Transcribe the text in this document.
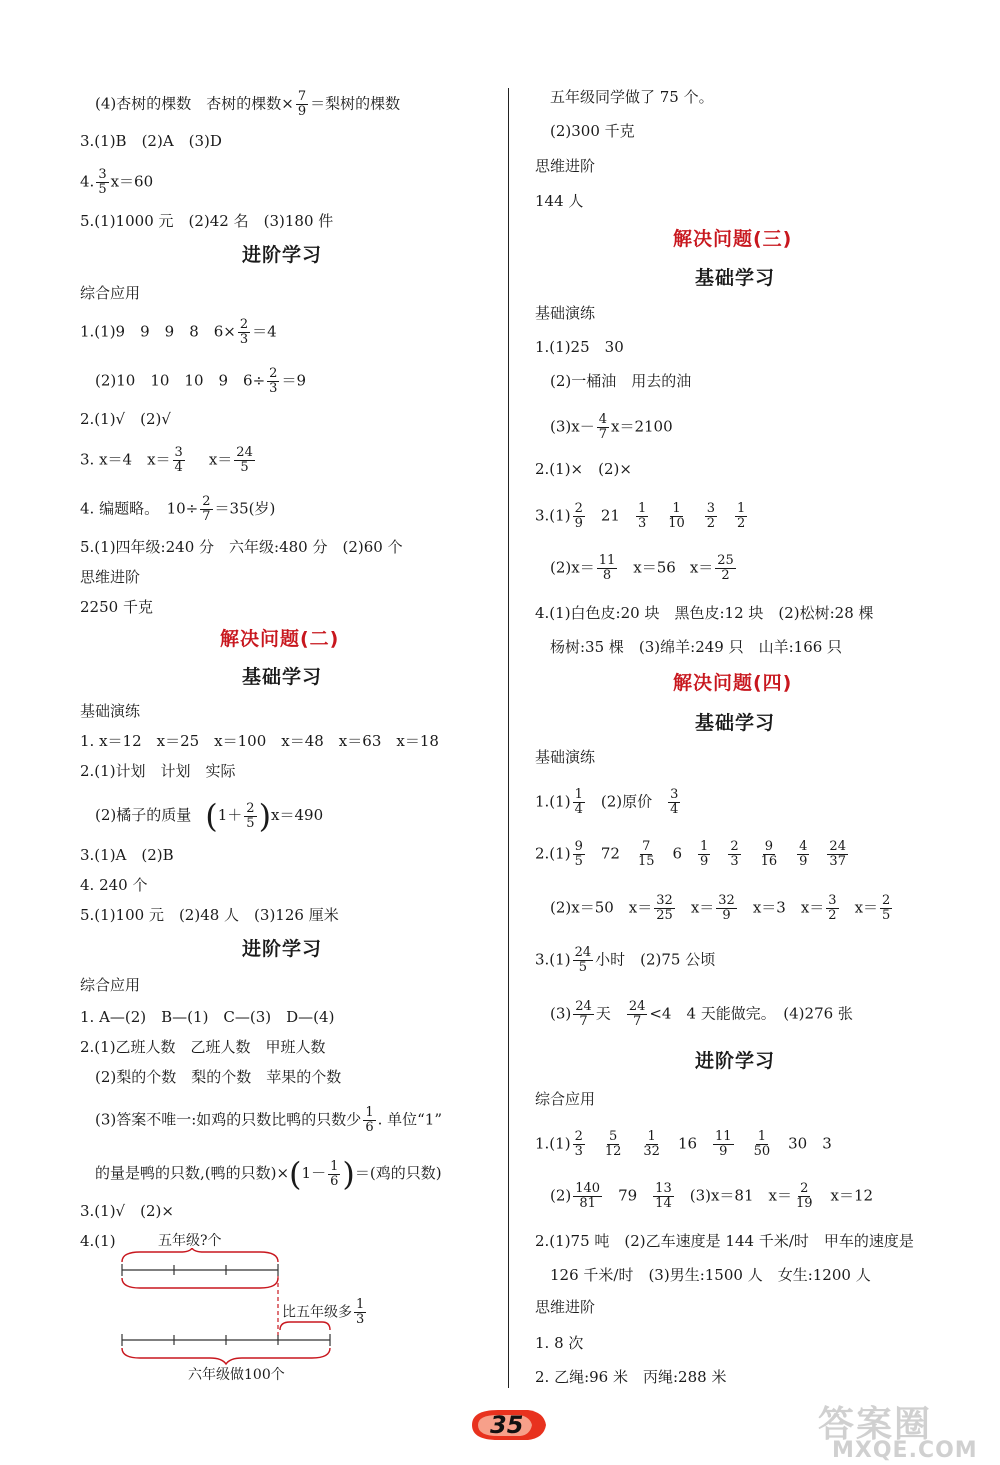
(4)杏树的棵数　杏树的棵数× $\frac{7}{9}$ ＝梨树的棵数
3.(1)B　(2)A　(3)D
4. $\frac{3}{5} x=60$
5.(1)1000 元　(2)42 名　(3)180 件
进阶学习
综合应用
1.(1)9　9　9　8　$6\times \frac{2}{3} =4$
(2)10　10　10　9　$6\div \frac{2}{3} =9$
2.(1)√　(2)√
3. x＝4　$x= \frac{3}{4} x= \frac{24}{5}$
4. 编题略。　$10\div \frac{2}{7} =35$(岁)
5.(1)四年级:240 分　六年级:480 分　(2)60 个
思维进阶
2250 千克
解决问题(二)
基础学习
基础演练
1. x＝12　x＝25　x＝100　x＝48　x＝63　x＝18
2.(1)计划　计划　实际
(2)橘子的质量 $(1+ \frac{2}{5} )x=490$
3.(1)A　(2)B
4. 240 个
5.(1)100 元　(2)48 人　(3)126 厘米
进阶学习
综合应用
1. A—(2)　B—(1)　C—(3)　D—(4)
2.(1)乙班人数　乙班人数　甲班人数
(2)梨的个数　梨的个数　苹果的个数
(3)答案不唯一:如鸡的只数比鸭的只数少 $\frac{1}{6}$ . 单位“1”
的量是鸭的只数,(鸭的只数)$\times(1- \frac{1}{6}$ )＝(鸡的只数)
3.(1)√　(2)×
4.(1)	五年级?个
比五年级多 $\frac{1}{3}$
六年级做100个
五年级同学做了 75 个。
(2)300 千克
思维进阶
144 人
解决问题(三)
基础学习
基础演练
1.(1)25　30
(2)一桶油　用去的油
$(3)x- \frac{4}{7} x=2100$
2.(1)×　(2)×
$3.(1) \frac{2}{9} 21 \frac{1}{3} \frac{1}{10} \frac{3}{2} \frac{1}{2}$
$(2)x= \frac{11}{8} x=56$ $x= \frac{25}{2}$
4.(1)白色皮:20 块　黑色皮:12 块　(2)松树:28 棵
杨树:35 棵　(3)绵羊:249 只　山羊:166 只
解决问题(四)
基础学习
基础演练
$1.(1) \frac{1}{4} (2)$原价 $\frac{3}{4}$
$2.(1) \frac{9}{5} 72 \frac{7}{15} 6 \frac{1}{9} \frac{2}{3} \frac{9}{16} \frac{4}{9} \frac{24}{37}$
(2)x＝50　$x= \frac{32}{25} x= \frac{32}{9} x=3$　$x= \frac{3}{2} x= \frac{2}{5}$
$3.(1) \frac{24}{5}$ 小时　(2)75 公顷
$(3) \frac{24}{7}$ 天 $\frac{24}{7} <4$　4 天能做完。　(4)276 张
进阶学习
综合应用
$1.(1) \frac{2}{3} \frac{5}{12} \frac{1}{32} 16 \frac{11}{9} \frac{1}{50} 30$　3
$(2) \frac{140}{81} 79 \frac{13}{14} (3)x=81$　$x= \frac{2}{19} x=12$
2.(1)75 吨　(2)乙车速度是 144 千米/时　甲车的速度是
126 千米/时　(3)男生:1500 人　女生:1200 人
思维进阶
1. 8 次
2. 乙绳:96 米　丙绳:288 米
35	答案圈
MXQE.COM
